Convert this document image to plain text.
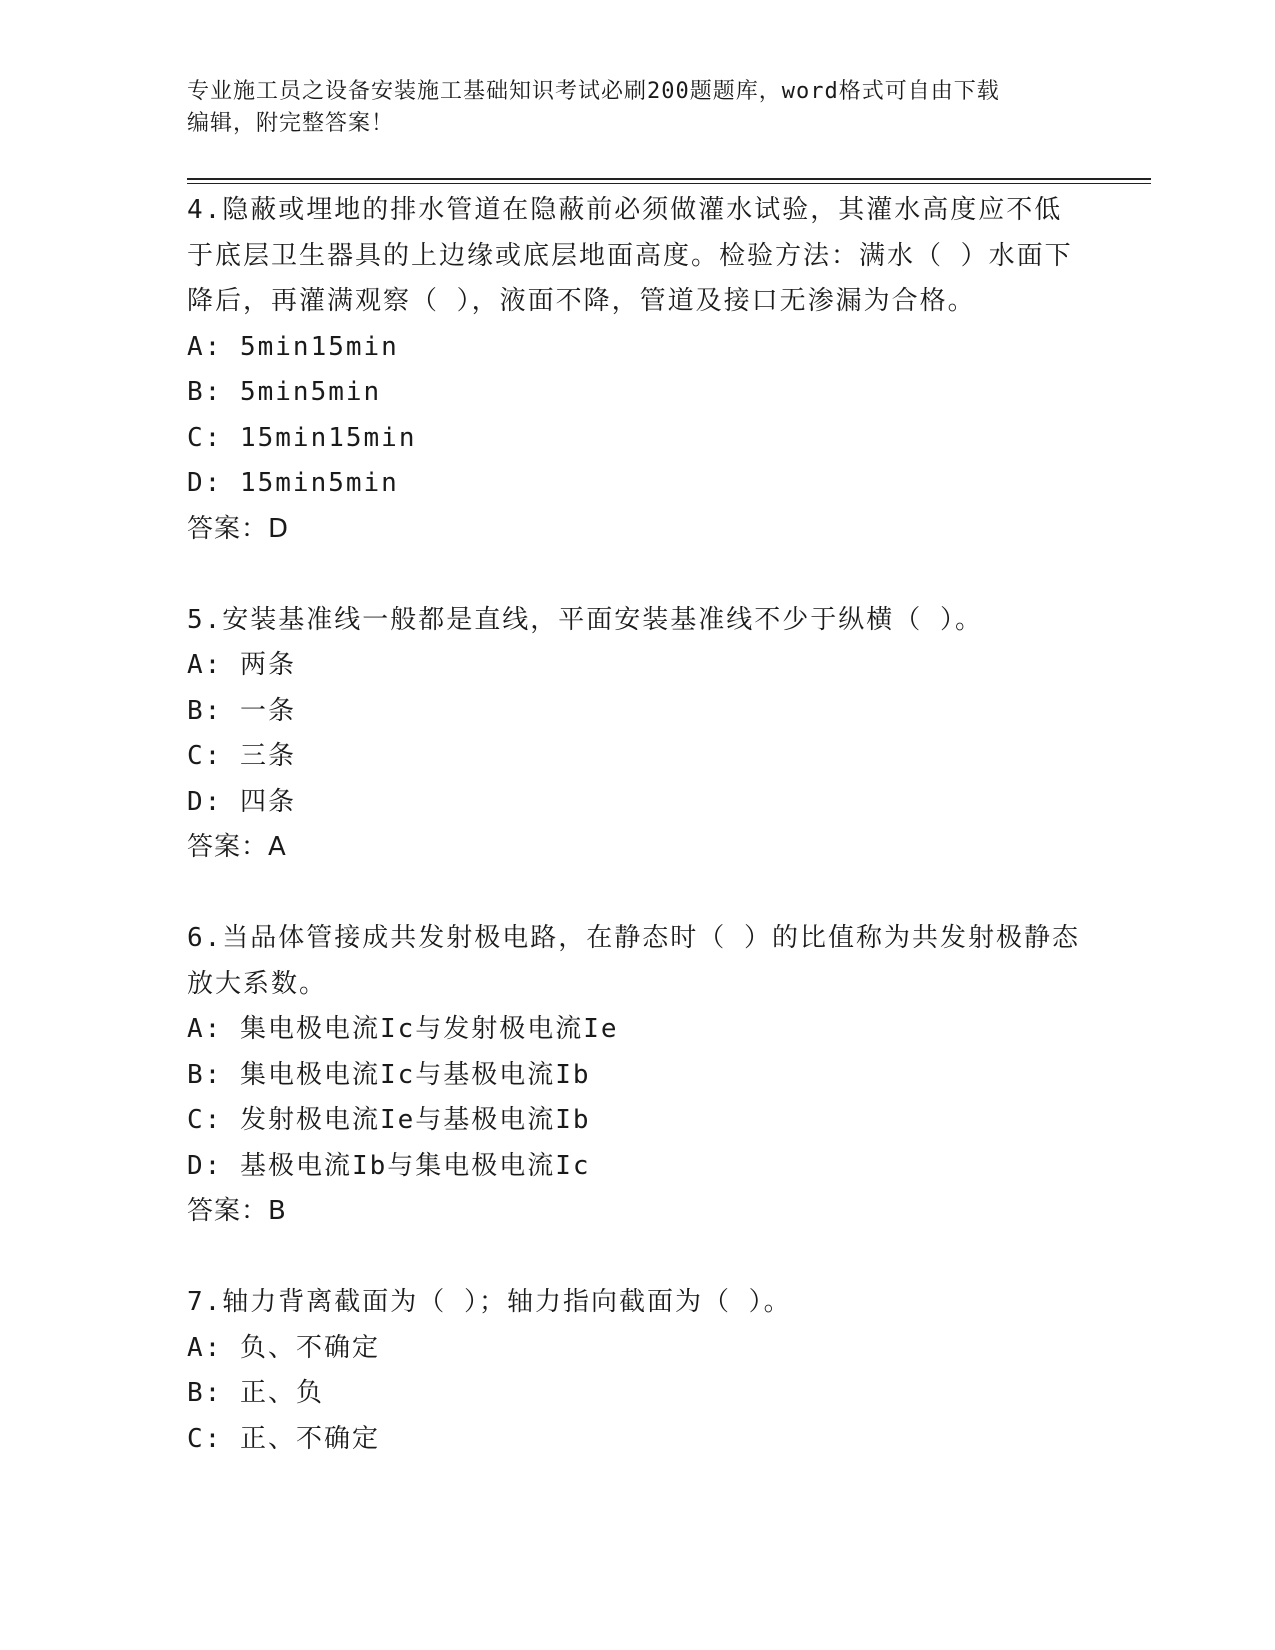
专业施工员之设备安装施工基础知识考试必刷200题题库，word格式可自由下载
编辑，附完整答案！
4.隐蔽或埋地的排水管道在隐蔽前必须做灌水试验，其灌水高度应不低于底层卫生器具的上边缘或底层地面高度。检验方法：满水（ ）水面下降后，再灌满观察（ ），液面不降，管道及接口无渗漏为合格。
A: 5min15min
B: 5min5min
C: 15min15min
D: 15min5min
答案：D
5.安装基准线一般都是直线，平面安装基准线不少于纵横（ ）。
A: 两条
B: 一条
C: 三条
D: 四条
答案：A
6.当品体管接成共发射极电路，在静态时（ ）的比值称为共发射极静态放大系数。
A: 集电极电流Ic与发射极电流Ie
B: 集电极电流Ic与基极电流Ib
C: 发射极电流Ie与基极电流Ib
D: 基极电流Ib与集电极电流Ic
答案：B
7.轴力背离截面为（ ）；轴力指向截面为（ ）。
A: 负、不确定
B: 正、负
C: 正、不确定
